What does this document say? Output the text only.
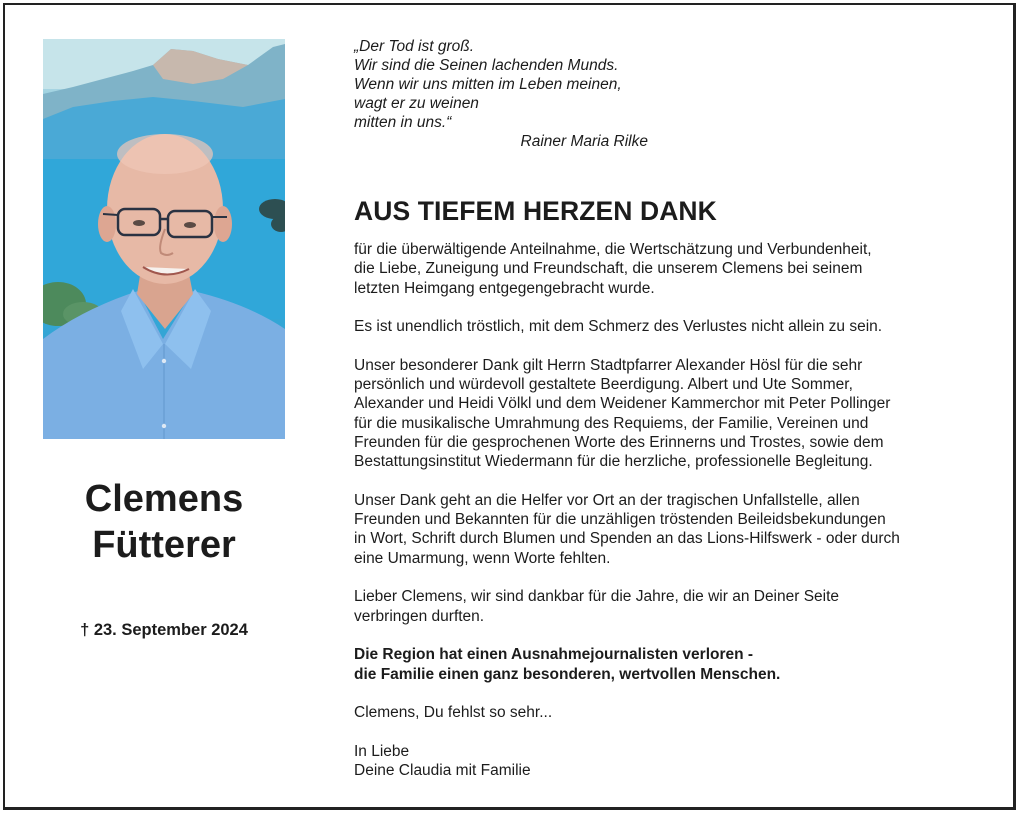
Clemens
Fütterer
† 23. September 2024
„Der Tod ist groß.
Wir sind die Seinen lachenden Munds.
Wenn wir uns mitten im Leben meinen,
wagt er zu weinen
mitten in uns.“
Rainer Maria Rilke
AUS TIEFEM HERZEN DANK

für die überwältigende Anteilnahme, die Wertschätzung und Verbundenheit,
die Liebe, Zuneigung und Freundschaft, die unserem Clemens bei seinem
letzten Heimgang entgegengebracht wurde.

Es ist unendlich tröstlich, mit dem Schmerz des Verlustes nicht allein zu sein.

Unser besonderer Dank gilt Herrn Stadtpfarrer Alexander Hösl für die sehr
persönlich und würdevoll gestaltete Beerdigung. Albert und Ute Sommer,
Alexander und Heidi Völkl und dem Weidener Kammerchor mit Peter Pollinger
für die musikalische Umrahmung des Requiems, der Familie, Vereinen und
Freunden für die gesprochenen Worte des Erinnerns und Trostes, sowie dem
Bestattungsinstitut Wiedermann für die herzliche, professionelle Begleitung.

Unser Dank geht an die Helfer vor Ort an der tragischen Unfallstelle, allen
Freunden und Bekannten für die unzähligen tröstenden Beileidsbekundungen
in Wort, Schrift durch Blumen und Spenden an das Lions-Hilfswerk - oder durch
eine Umarmung, wenn Worte fehlten.

Lieber Clemens, wir sind dankbar für die Jahre, die wir an Deiner Seite
verbringen durften.

Die Region hat einen Ausnahmejournalisten verloren -
die Familie einen ganz besonderen, wertvollen Menschen.

Clemens, Du fehlst so sehr...

In Liebe
Deine Claudia mit Familie
